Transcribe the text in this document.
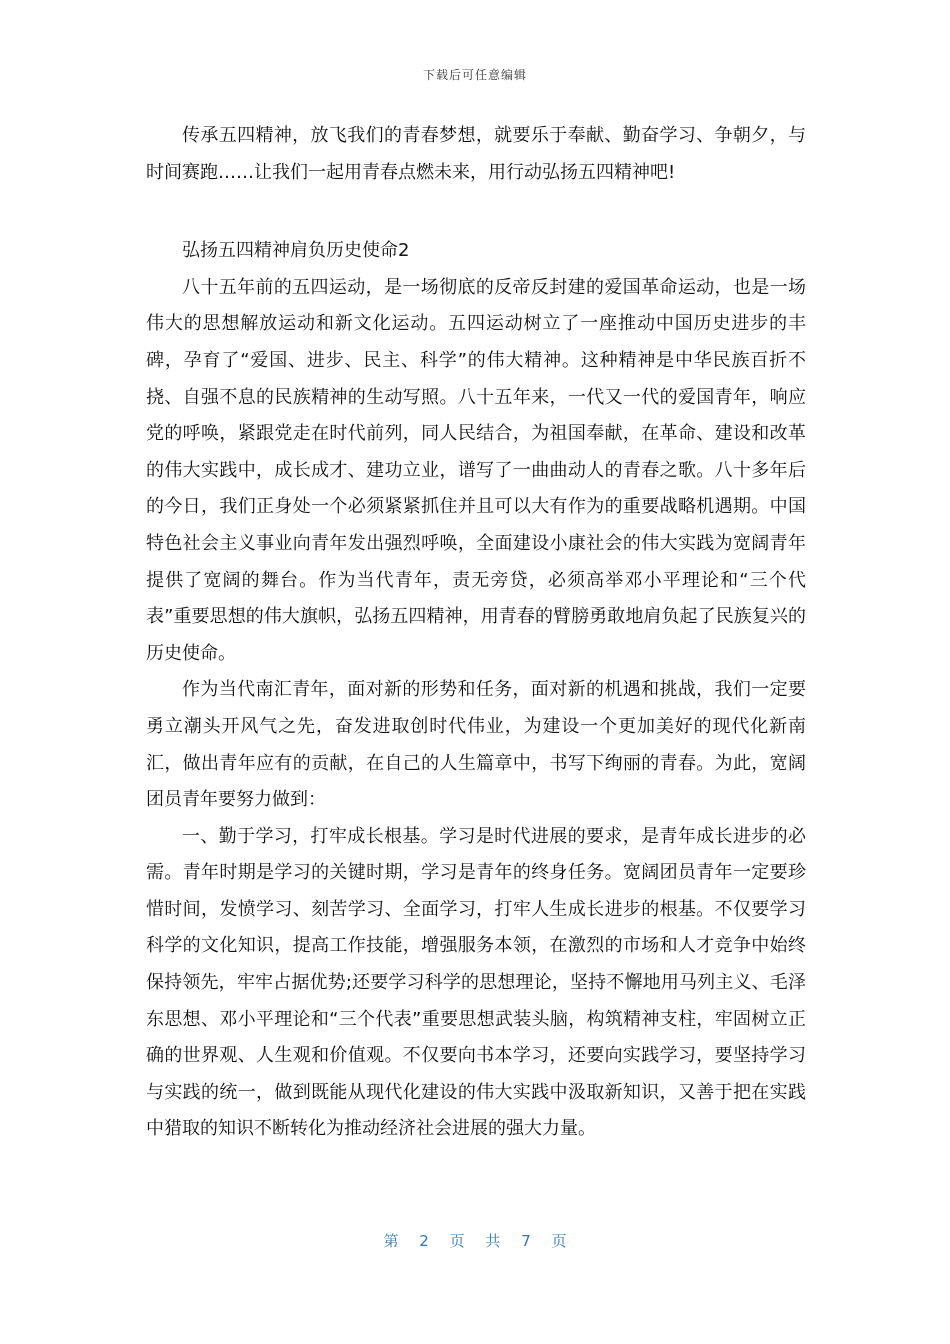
下载后可任意编辑

传承五四精神，放飞我们的青春梦想，就要乐于奉献、勤奋学习、争朝夕，与时间赛跑……让我们一起用青春点燃未来，用行动弘扬五四精神吧!

弘扬五四精神肩负历史使命2

八十五年前的五四运动，是一场彻底的反帝反封建的爱国革命运动，也是一场伟大的思想解放运动和新文化运动。五四运动树立了一座推动中国历史进步的丰碑，孕育了“爱国、进步、民主、科学”的伟大精神。这种精神是中华民族百折不挠、自强不息的民族精神的生动写照。八十五年来，一代又一代的爱国青年，响应党的呼唤，紧跟党走在时代前列，同人民结合，为祖国奉献，在革命、建设和改革的伟大实践中，成长成才、建功立业，谱写了一曲曲动人的青春之歌。八十多年后的今日，我们正身处一个必须紧紧抓住并且可以大有作为的重要战略机遇期。中国特色社会主义事业向青年发出强烈呼唤，全面建设小康社会的伟大实践为宽阔青年提供了宽阔的舞台。作为当代青年，责无旁贷，必须高举邓小平理论和“三个代表”重要思想的伟大旗帜，弘扬五四精神，用青春的臂膀勇敢地肩负起了民族复兴的历史使命。

作为当代南汇青年，面对新的形势和任务，面对新的机遇和挑战，我们一定要勇立潮头开风气之先，奋发进取创时代伟业，为建设一个更加美好的现代化新南汇，做出青年应有的贡献，在自己的人生篇章中，书写下绚丽的青春。为此，宽阔团员青年要努力做到：

一、勤于学习，打牢成长根基。学习是时代进展的要求，是青年成长进步的必需。青年时期是学习的关键时期，学习是青年的终身任务。宽阔团员青年一定要珍惜时间，发愤学习、刻苦学习、全面学习，打牢人生成长进步的根基。不仅要学习科学的文化知识，提高工作技能，增强服务本领，在激烈的市场和人才竞争中始终保持领先，牢牢占据优势;还要学习科学的思想理论，坚持不懈地用马列主义、毛泽东思想、邓小平理论和“三个代表”重要思想武装头脑，构筑精神支柱，牢固树立正确的世界观、人生观和价值观。不仅要向书本学习，还要向实践学习，要坚持学习与实践的统一，做到既能从现代化建设的伟大实践中汲取新知识，又善于把在实践中猎取的知识不断转化为推动经济社会进展的强大力量。

第 2 页 共 7 页
